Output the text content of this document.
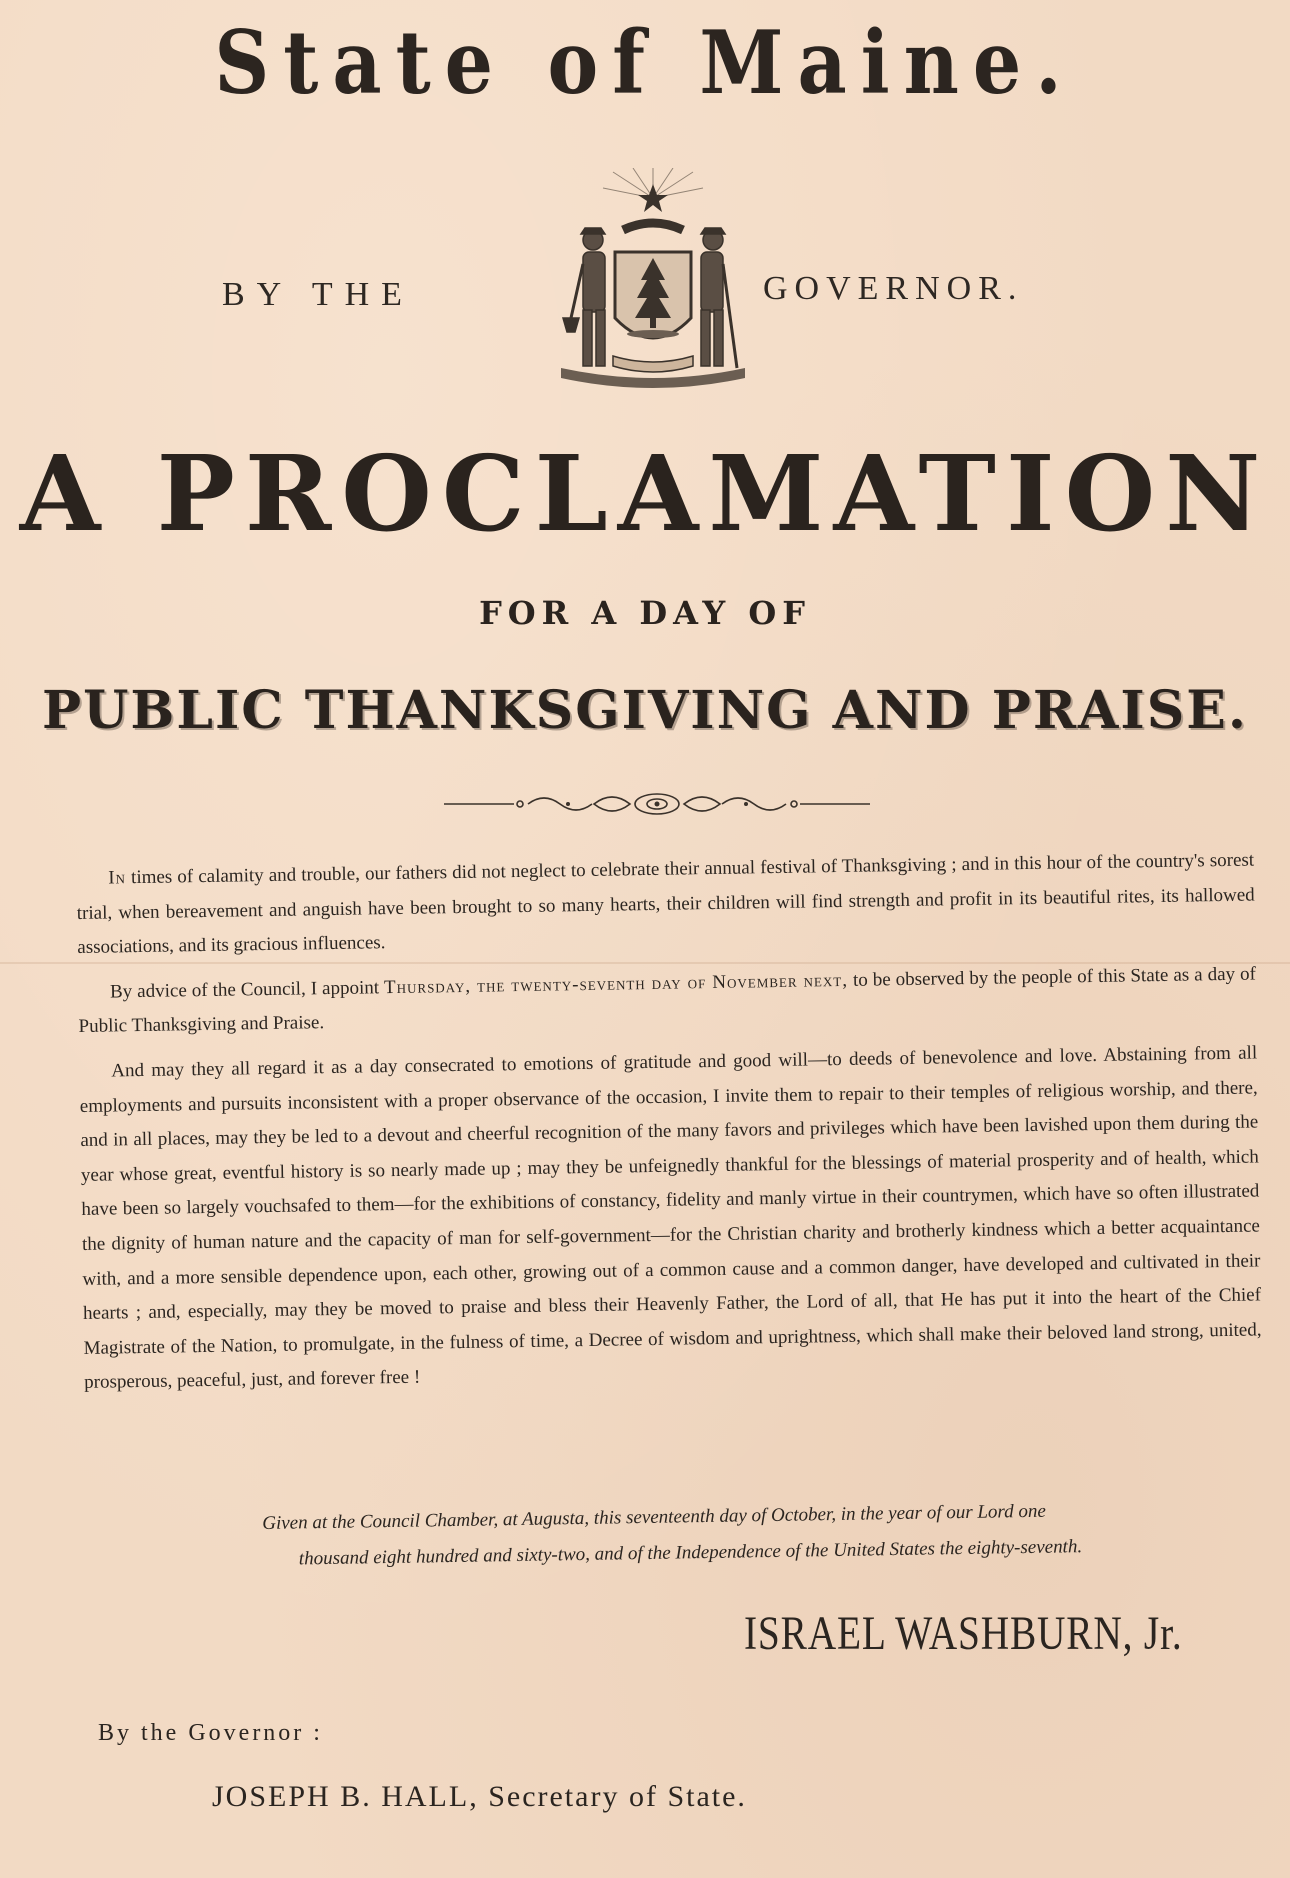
State of Maine.
BY THE	GOVERNOR.
A PROCLAMATION
FOR A DAY OF
PUBLIC THANKSGIVING AND PRAISE.

In times of calamity and trouble, our fathers did not neglect to celebrate their annual festival of Thanksgiving ; and in this hour of the country's sorest trial, when bereavement and anguish have been brought to so many hearts, their children will find strength and profit in its beautiful rites, its hallowed associations, and its gracious influences.

By advice of the Council, I appoint Thursday, the twenty-seventh day of November next, to be observed by the people of this State as a day of Public Thanksgiving and Praise.

And may they all regard it as a day consecrated to emotions of gratitude and good will—to deeds of benevolence and love. Abstaining from all employments and pursuits inconsistent with a proper observance of the occasion, I invite them to repair to their temples of religious worship, and there, and in all places, may they be led to a devout and cheerful recognition of the many favors and privileges which have been lavished upon them during the year whose great, eventful history is so nearly made up ; may they be unfeignedly thankful for the blessings of material prosperity and of health, which have been so largely vouchsafed to them—for the exhibitions of constancy, fidelity and manly virtue in their countrymen, which have so often illustrated the dignity of human nature and the capacity of man for self-government—for the Christian charity and brotherly kindness which a better acquaintance with, and a more sensible dependence upon, each other, growing out of a common cause and a common danger, have developed and cultivated in their hearts ; and, especially, may they be moved to praise and bless their Heavenly Father, the Lord of all, that He has put it into the heart of the Chief Magistrate of the Nation, to promulgate, in the fulness of time, a Decree of wisdom and uprightness, which shall make their beloved land strong, united, prosperous, peaceful, just, and forever free !

Given at the Council Chamber, at Augusta, this seventeenth day of October, in the year of our Lord one
thousand eight hundred and sixty-two, and of the Independence of the United States the eighty-seventh.
ISRAEL WASHBURN, Jr.
By the Governor :
JOSEPH B. HALL, Secretary of State.
